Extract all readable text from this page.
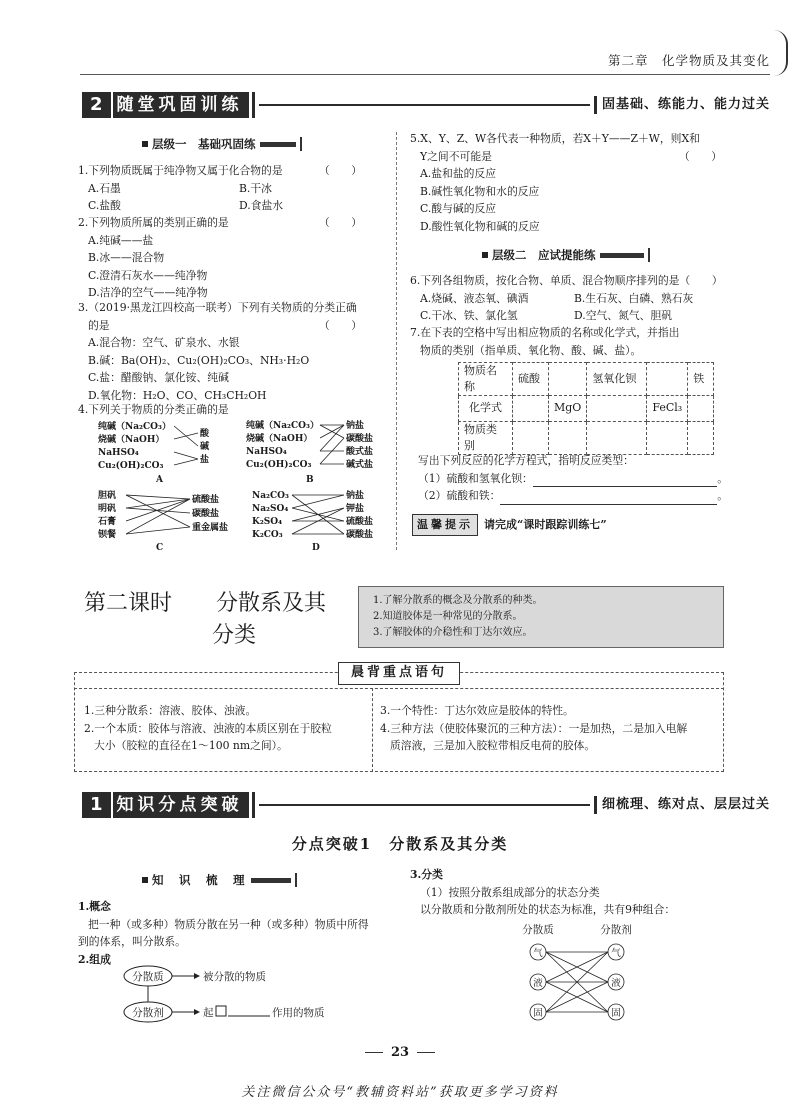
第二章　化学物质及其变化
2 随堂巩固训练	固基础、练能力、能力过关
层级一　基础巩固练
1.下列物质既属于纯净物又属于化合物的是	（　　）
A.石墨	B.干冰
C.盐酸	D.食盐水
2.下列物质所属的类别正确的是	（　　）
A.纯碱——盐
B.冰——混合物
C.澄清石灰水——纯净物
D.洁净的空气——纯净物
3.（2019·黑龙江四校高一联考）下列有关物质的分类正确
的是	（　　）
A.混合物：空气、矿泉水、水银
B.碱：Ba(OH)₂、Cu₂(OH)₂CO₃、NH₃·H₂O
C.盐：醋酸钠、氯化铵、纯碱
D.氧化物：H₂O、CO、CH₃CH₂OH
4.下列关于物质的分类正确的是
纯碱（Na₂CO₃）
烧碱（NaOH）
NaHSO₄
Cu₂(OH)₂CO₃
酸
碱
盐
A
纯碱（Na₂CO₃）
烧碱（NaOH）
NaHSO₄
Cu₂(OH)₂CO₃
钠盐
碳酸盐
酸式盐
碱式盐
B
胆矾
明矾
石膏
钡餐
硫酸盐
碳酸盐
重金属盐
C
Na₂CO₃
Na₂SO₄
K₂SO₄
K₂CO₃
钠盐
钾盐
硫酸盐
碳酸盐
D
5.X、Y、Z、W各代表一种物质，若X＋Y——Z＋W，则X和
Y之间不可能是	（　　）
A.盐和盐的反应
B.碱性氧化物和水的反应
C.酸与碱的反应
D.酸性氧化物和碱的反应
层级二　应试提能练
6.下列各组物质，按化合物、单质、混合物顺序排列的是（　　）
A.烧碱、液态氧、碘酒	B.生石灰、白磷、熟石灰
C.干冰、铁、氯化氢	D.空气、氮气、胆矾
7.在下表的空格中写出相应物质的名称或化学式，并指出
物质的类别（指单质、氧化物、酸、碱、盐）。
物质名称	硫酸		氢氧化钡		铁
化学式		MgO		FeCl₃	
物质类别					
写出下列反应的化学方程式，指明反应类型：
（1）硫酸和氢氧化钡：	。
（2）硫酸和铁：	。
温馨提示	请完成“课时跟踪训练七”
第二课时　　分散系及其
分类
1.了解分散系的概念及分散系的种类。
2.知道胶体是一种常见的分散系。
3.了解胶体的介稳性和丁达尔效应。
晨背重点语句
1.三种分散系：溶液、胶体、浊液。
2.一个本质：胶体与溶液、浊液的本质区别在于胶粒
大小（胶粒的直径在1～100 nm之间）。
3.一个特性：丁达尔效应是胶体的特性。
4.三种方法（使胶体聚沉的三种方法）：一是加热，二是加入电解
质溶液，三是加入胶粒带相反电荷的胶体。
1 知识分点突破	细梳理、练对点、层层过关
分点突破1　分散系及其分类
知　识　梳　理
1.概念
把一种（或多种）物质分散在另一种（或多种）物质中所得
到的体系，叫分散系。
2.组成
分散质
分散剂
被分散的物质
起	作用的物质
3.分类
（1）按照分散系组成部分的状态分类
以分散质和分散剂所处的状态为标准，共有9种组合：
分散质	分散剂
气
液
固
气
液
固
23
关注微信公众号“教辅资料站”获取更多学习资料
